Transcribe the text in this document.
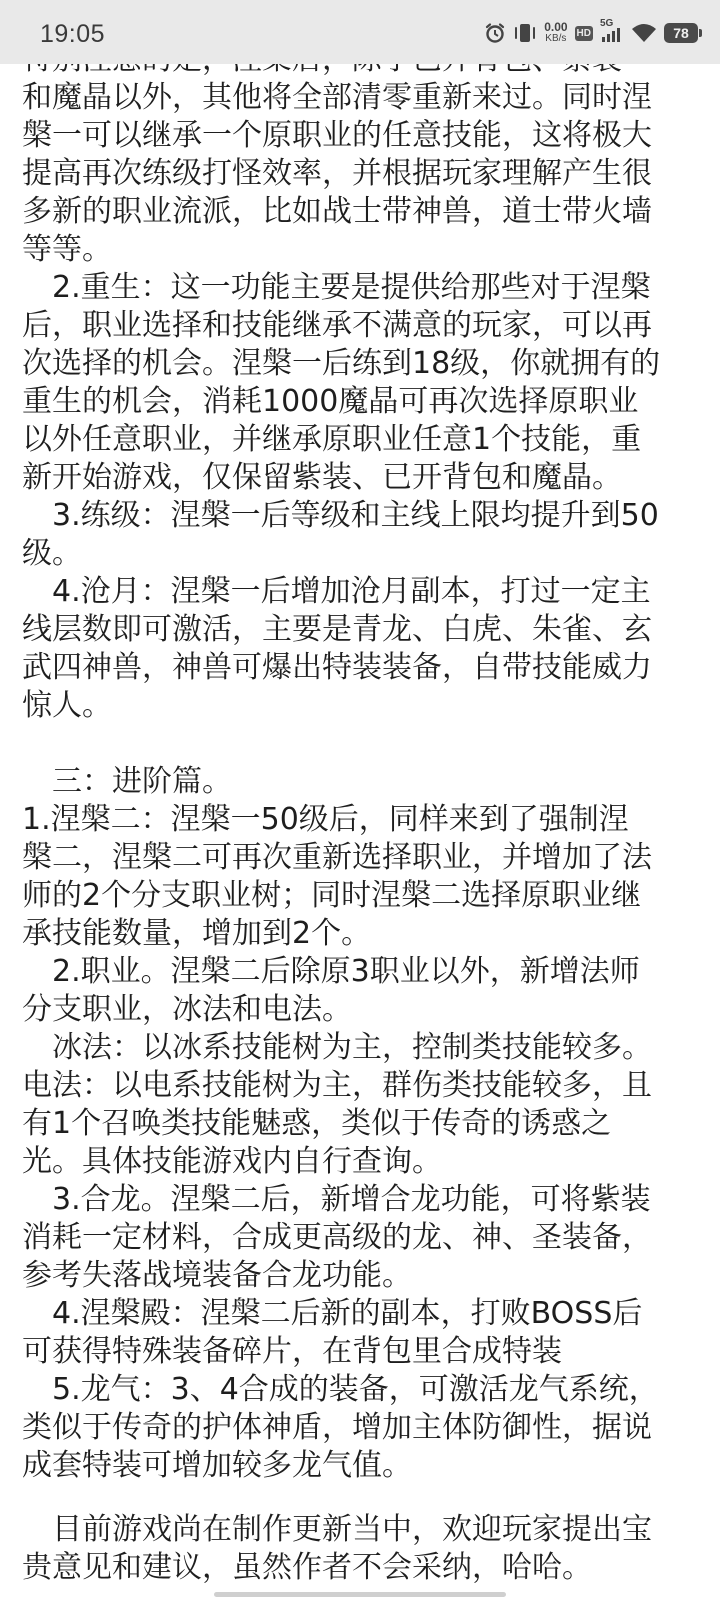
19:05	0.00
KB/s HD
5G
78
和魔晶以外，其他将全部清零重新来过。同时涅
槃一可以继承一个原职业的任意技能，这将极大
提高再次练级打怪效率，并根据玩家理解产生很
多新的职业流派，比如战士带神兽，道士带火墙
等等。
　2.重生：这一功能主要是提供给那些对于涅槃
后，职业选择和技能继承不满意的玩家，可以再
次选择的机会。涅槃一后练到18级，你就拥有的
重生的机会，消耗1000魔晶可再次选择原职业
以外任意职业，并继承原职业任意1个技能，重
新开始游戏，仅保留紫装、已开背包和魔晶。
　3.练级：涅槃一后等级和主线上限均提升到50
级。
　4.沧月：涅槃一后增加沧月副本，打过一定主
线层数即可激活，主要是青龙、白虎、朱雀、玄
武四神兽，神兽可爆出特装装备，自带技能威力
惊人。
　三：进阶篇。
1.涅槃二：涅槃一50级后，同样来到了强制涅
槃二，涅槃二可再次重新选择职业，并增加了法
师的2个分支职业树；同时涅槃二选择原职业继
承技能数量，增加到2个。
　2.职业。涅槃二后除原3职业以外，新增法师
分支职业，冰法和电法。
　冰法：以冰系技能树为主，控制类技能较多。
电法：以电系技能树为主，群伤类技能较多，且
有1个召唤类技能魅惑，类似于传奇的诱惑之
光。具体技能游戏内自行查询。
　3.合龙。涅槃二后，新增合龙功能，可将紫装
消耗一定材料，合成更高级的龙、神、圣装备，
参考失落战境装备合龙功能。
　4.涅槃殿：涅槃二后新的副本，打败BOSS后
可获得特殊装备碎片，在背包里合成特装
　5.龙气：3、4合成的装备，可激活龙气系统，
类似于传奇的护体神盾，增加主体防御性，据说
成套特装可增加较多龙气值。
　目前游戏尚在制作更新当中，欢迎玩家提出宝
贵意见和建议，虽然作者不会采纳，哈哈。
